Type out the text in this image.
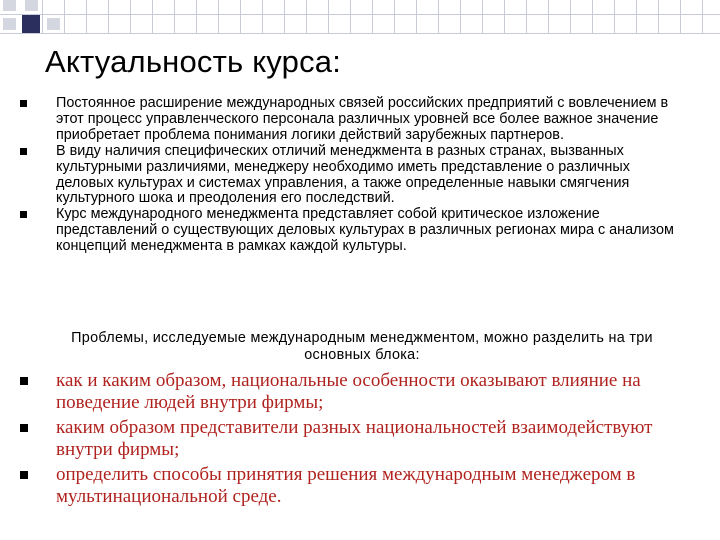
Актуальность курса:
Постоянное расширение международных связей российских предприятий с вовлечением в этот процесс управленческого персонала различных уровней все более важное значение приобретает проблема понимания логики действий зарубежных партнеров.
В виду наличия специфических отличий менеджмента в разных странах, вызванных культурными различиями, менеджеру необходимо иметь представление о различных деловых культурах и системах управления, а также определенные навыки смягчения культурного шока и преодоления его последствий.
Курс международного менеджмента представляет собой критическое изложение представлений о существующих деловых культурах в различных регионах мира с анализом концепций менеджмента в рамках каждой культуры.

Проблемы, исследуемые международным менеджментом, можно разделить на три основных блока:

как и каким образом, национальные особенности оказывают влияние на поведение людей внутри фирмы;
каким образом представители разных национальностей взаимодействуют внутри фирмы;
определить способы принятия решения международным менеджером в мультинациональной среде.
